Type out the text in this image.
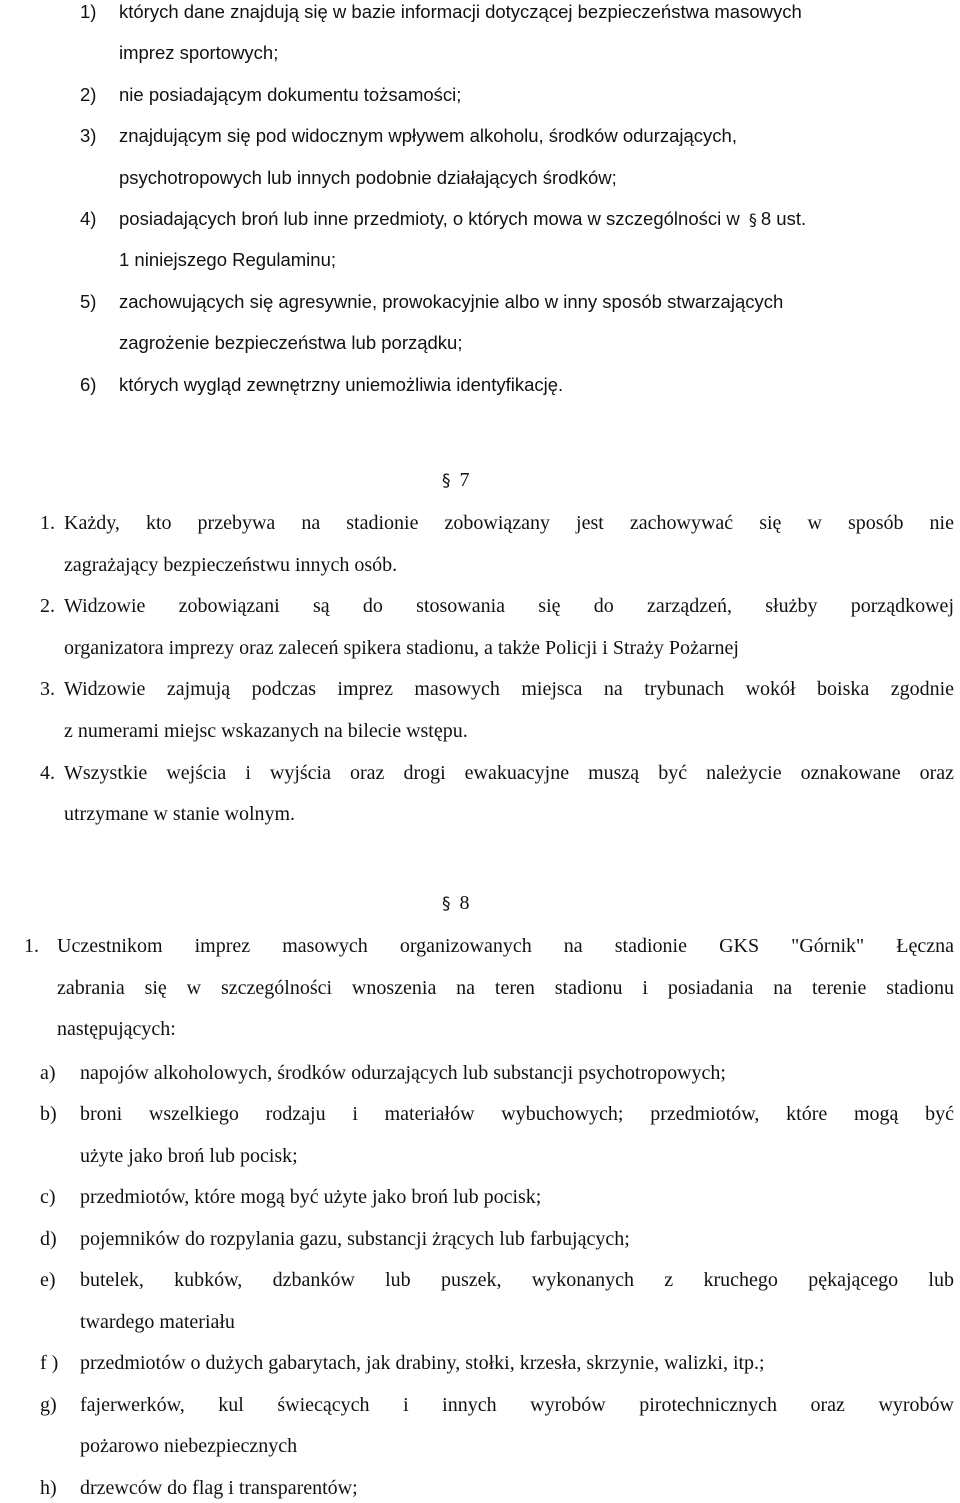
1) których dane znajdują się w bazie informacji dotyczącej bezpieczeństwa masowych
imprez sportowych;
2) nie posiadającym dokumentu tożsamości;
3) znajdującym się pod widocznym wpływem alkoholu, środków odurzających,
psychotropowych lub innych podobnie działających środków;
4) posiadających broń lub inne przedmioty, o których mowa w szczególności w § 8 ust.
1 niniejszego Regulaminu;
5) zachowujących się agresywnie, prowokacyjnie albo w inny sposób stwarzających
zagrożenie bezpieczeństwa lub porządku;
6) których wygląd zewnętrzny uniemożliwia identyfikację.
§ 7
1. Każdy, kto przebywa na stadionie zobowiązany jest zachowywać się w sposób nie
zagrażający bezpieczeństwu innych osób.
2. Widzowie zobowiązani są do stosowania się do zarządzeń, służby porządkowej
organizatora imprezy oraz zaleceń spikera stadionu, a także Policji i Straży Pożarnej
3. Widzowie zajmują podczas imprez masowych miejsca na trybunach wokół boiska zgodnie
z numerami miejsc wskazanych na bilecie wstępu.
4. Wszystkie wejścia i wyjścia oraz drogi ewakuacyjne muszą być należycie oznakowane oraz
utrzymane w stanie wolnym.
§ 8
1. Uczestnikom imprez masowych organizowanych na stadionie GKS "Górnik" Łęczna
zabrania się w szczególności wnoszenia na teren stadionu i posiadania na terenie stadionu
następujących:
a) napojów alkoholowych, środków odurzających lub substancji psychotropowych;
b) broni wszelkiego rodzaju i materiałów wybuchowych; przedmiotów, które mogą być
użyte jako broń lub pocisk;
c) przedmiotów, które mogą być użyte jako broń lub pocisk;
d) pojemników do rozpylania gazu, substancji żrących lub farbujących;
e) butelek, kubków, dzbanków lub puszek, wykonanych z kruchego pękającego lub
twardego materiału
f ) przedmiotów o dużych gabarytach, jak drabiny, stołki, krzesła, skrzynie, walizki, itp.;
g) fajerwerków, kul świecących i innych wyrobów pirotechnicznych oraz wyrobów
pożarowo niebezpiecznych
h) drzewców do flag i transparentów;
